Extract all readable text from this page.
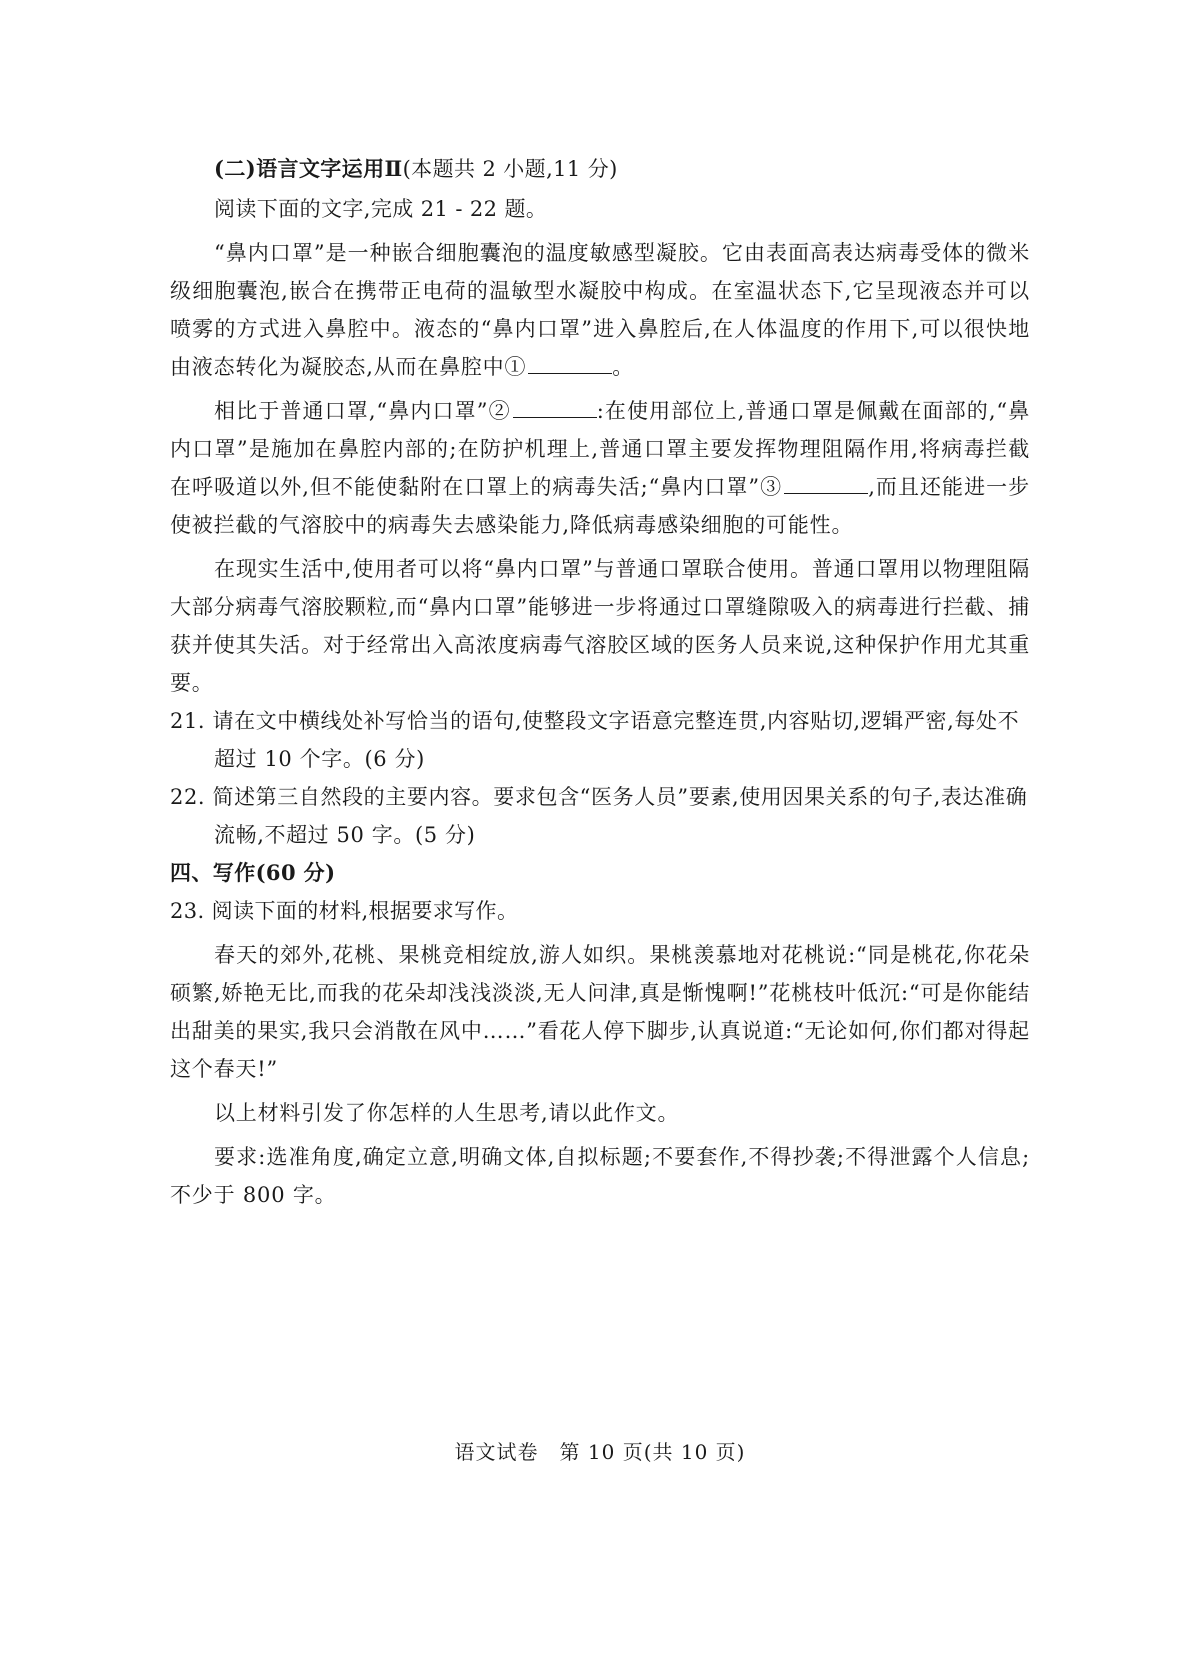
(二)语言文字运用Ⅱ(本题共 2 小题,11 分)

阅读下面的文字,完成 21 - 22 题。

“鼻内口罩”是一种嵌合细胞囊泡的温度敏感型凝胶。它由表面高表达病毒受体的微米级细胞囊泡,嵌合在携带正电荷的温敏型水凝胶中构成。在室温状态下,它呈现液态并可以喷雾的方式进入鼻腔中。液态的“鼻内口罩”进入鼻腔后,在人体温度的作用下,可以很快地由液态转化为凝胶态,从而在鼻腔中①	。

相比于普通口罩,“鼻内口罩”②	:在使用部位上,普通口罩是佩戴在面部的,“鼻内口罩”是施加在鼻腔内部的;在防护机理上,普通口罩主要发挥物理阻隔作用,将病毒拦截在呼吸道以外,但不能使黏附在口罩上的病毒失活;“鼻内口罩”③	,而且还能进一步使被拦截的气溶胶中的病毒失去感染能力,降低病毒感染细胞的可能性。

在现实生活中,使用者可以将“鼻内口罩”与普通口罩联合使用。普通口罩用以物理阻隔大部分病毒气溶胶颗粒,而“鼻内口罩”能够进一步将通过口罩缝隙吸入的病毒进行拦截、捕获并使其失活。对于经常出入高浓度病毒气溶胶区域的医务人员来说,这种保护作用尤其重要。

21. 请在文中横线处补写恰当的语句,使整段文字语意完整连贯,内容贴切,逻辑严密,每处不超过 10 个字。(6 分)

22. 简述第三自然段的主要内容。要求包含“医务人员”要素,使用因果关系的句子,表达准确流畅,不超过 50 字。(5 分)

四、写作(60 分)

23. 阅读下面的材料,根据要求写作。

春天的郊外,花桃、果桃竞相绽放,游人如织。果桃羡慕地对花桃说:“同是桃花,你花朵硕繁,娇艳无比,而我的花朵却浅浅淡淡,无人问津,真是惭愧啊!”花桃枝叶低沉:“可是你能结出甜美的果实,我只会消散在风中……”看花人停下脚步,认真说道:“无论如何,你们都对得起这个春天!”

以上材料引发了你怎样的人生思考,请以此作文。

要求:选准角度,确定立意,明确文体,自拟标题;不要套作,不得抄袭;不得泄露个人信息;不少于 800 字。

语文试卷　第 10 页(共 10 页)
